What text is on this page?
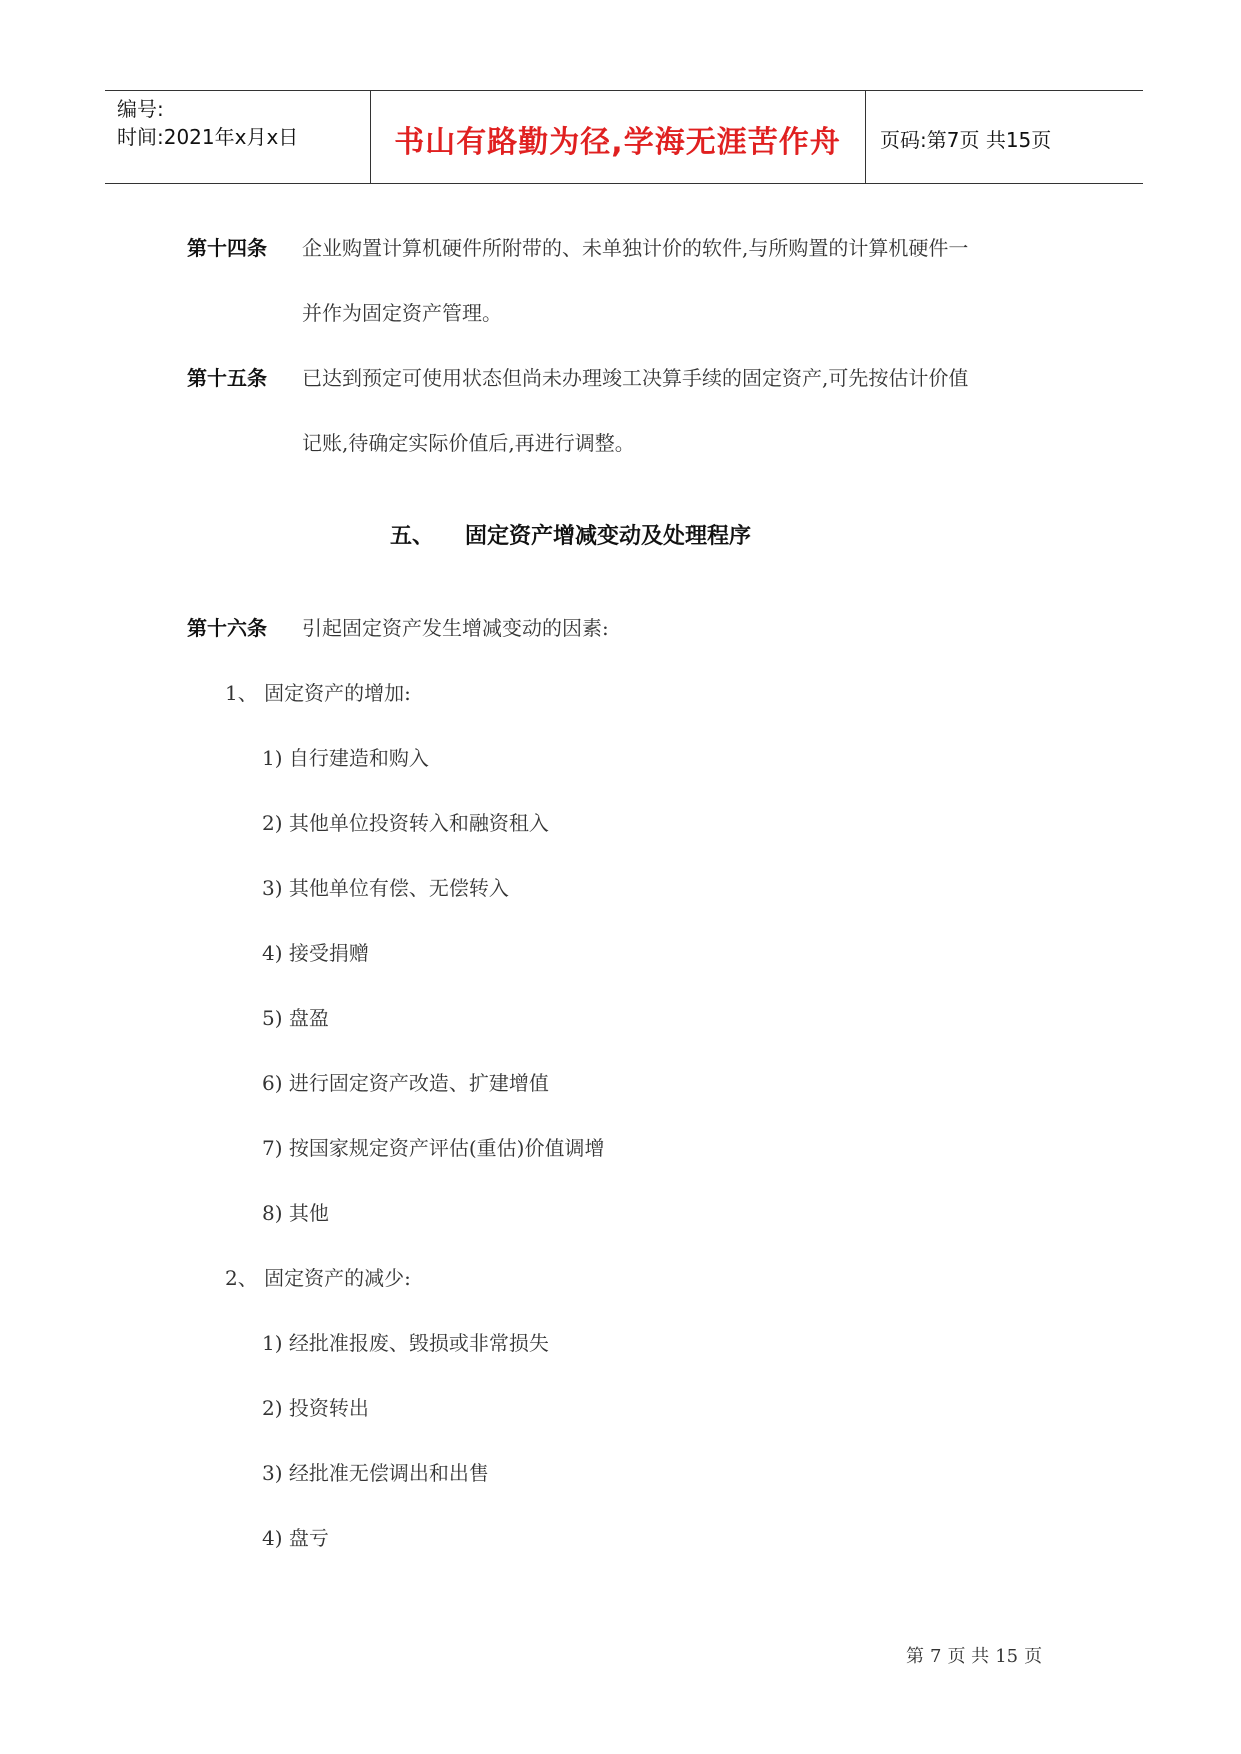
编号:
时间:2021年x月x日	书山有路勤为径,学海无涯苦作舟	页码:第7页 共15页
第十四条 企业购置计算机硬件所附带的、未单独计价的软件,与所购置的计算机硬件一
并作为固定资产管理。
第十五条 已达到预定可使用状态但尚未办理竣工决算手续的固定资产,可先按估计价值
记账,待确定实际价值后,再进行调整。
五、 固定资产增减变动及处理程序
第十六条 引起固定资产发生增减变动的因素:
1、 固定资产的增加:
1) 自行建造和购入
2) 其他单位投资转入和融资租入
3) 其他单位有偿、无偿转入
4) 接受捐赠
5) 盘盈
6) 进行固定资产改造、扩建增值
7) 按国家规定资产评估(重估)价值调增
8) 其他
2、 固定资产的减少:
1) 经批准报废、毁损或非常损失
2) 投资转出
3) 经批准无偿调出和出售
4) 盘亏
第 7 页 共 15 页
